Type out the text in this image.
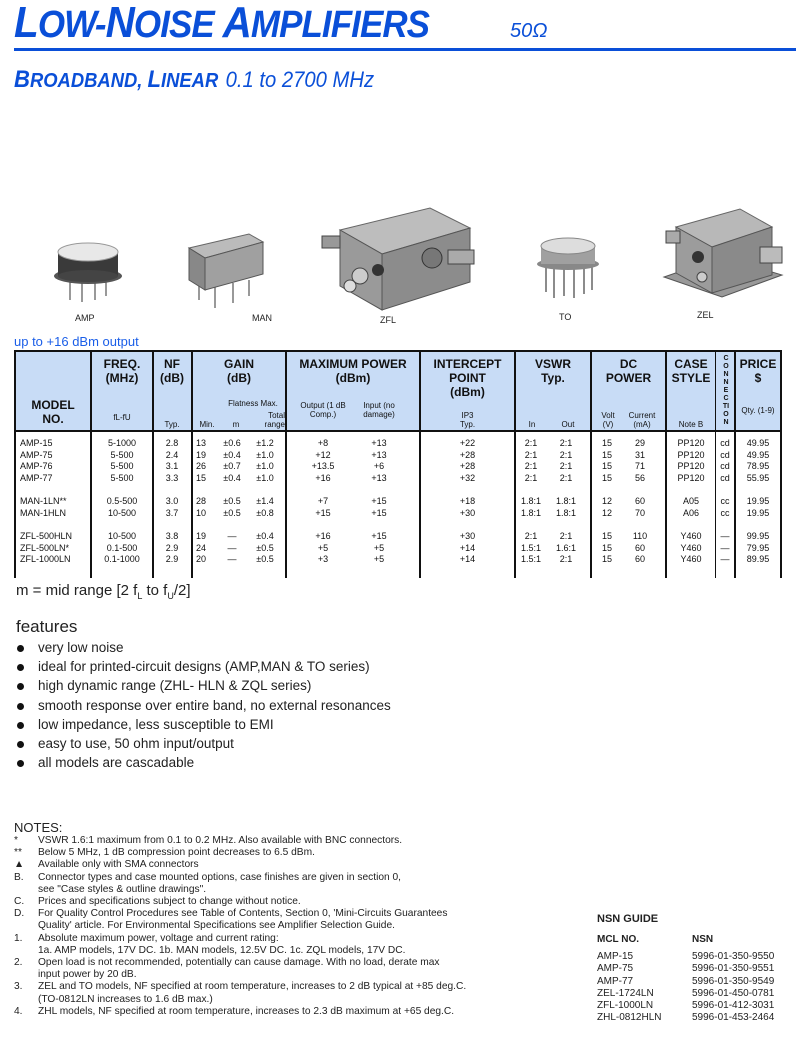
LOW-NOISE AMPLIFIERS	50Ω
BROADBAND, LINEAR 0.1 to 2700 MHz
AMP	MAN	ZFL	TO	ZEL
up to +16 dBm output
MODEL
NO.
FREQ.
(MHz)
fL-fU
NF
(dB)
Typ.
GAIN
(dB)
Flatness Max.
Min.	m
Total range
MAXIMUM POWER
(dBm)
Output (1 dB Comp.)
Input (no damage)
INTERCEPT
POINT
(dBm)
IP3
Typ.
VSWR
Typ.
In	Out
DC
POWER
Volt (V)
Current (mA)
CASE
STYLE
Note B
CONNECTION
PRICE
$
Qty. (1-9)
AMP-15	5-1000	2.8	13	±0.6	±1.2	+8	+13	+22	2:1	2:1	15	29	PP120	cd	49.95
AMP-75	5-500	2.4	19	±0.4	±1.0	+12	+13	+28	2:1	2:1	15	31	PP120	cd	49.95
AMP-76	5-500	3.1	26	±0.7	±1.0	+13.5	+6	+28	2:1	2:1	15	71	PP120	cd	78.95
AMP-77	5-500	3.3	15	±0.4	±1.0	+16	+13	+32	2:1	2:1	15	56	PP120	cd	55.95
MAN-1LN**	0.5-500	3.0	28	±0.5	±1.4	+7	+15	+18	1.8:1	1.8:1	12	60	A05	cc	19.95
MAN-1HLN	10-500	3.7	10	±0.5	±0.8	+15	+15	+30	1.8:1	1.8:1	12	70	A06	cc	19.95
ZFL-500HLN	10-500	3.8	19	—	±0.4	+16	+15	+30	2:1	2:1	15	110	Y460	—	99.95
ZFL-500LN*	0.1-500	2.9	24	—	±0.5	+5	+5	+14	1.5:1	1.6:1	15	60	Y460	—	79.95
ZFL-1000LN	0.1-1000	2.9	20	—	±0.5	+3	+5	+14	1.5:1	2:1	15	60	Y460	—	89.95
m = mid range [2 $f_L$ to $f_U/2$]
features
very low noise
ideal for printed-circuit designs (AMP,MAN & TO series)
high dynamic range (ZHL- HLN & ZQL series)
smooth response over entire band, no external resonances
low impedance, less susceptible to EMI
easy to use, 50 ohm input/output
all models are cascadable
NOTES:
* VSWR 1.6:1 maximum from 0.1 to 0.2 MHz. Also available with BNC connectors.
** Below 5 MHz, 1 dB compression point decreases to 6.5 dBm.
▲ Available only with SMA connectors
B. Connector types and case mounted options, case finishes are given in section 0,
see "Case styles & outline drawings".
C. Prices and specifications subject to change without notice.
D. For Quality Control Procedures see Table of Contents, Section 0, 'Mini-Circuits Guarantees
Quality' article. For Environmental Specifications see Amplifier Selection Guide.
1. Absolute maximum power, voltage and current rating:
1a. AMP models, 17V DC. 1b. MAN models, 12.5V DC. 1c. ZQL models, 17V DC.
2. Open load is not recommended, potentially can cause damage. With no load, derate max
input power by 20 dB.
3. ZEL and TO models, NF specified at room temperature, increases to 2 dB typical at +85 deg.C.
(TO-0812LN increases to 1.6 dB max.)
4. ZHL models, NF specified at room temperature, increases to 2.3 dB maximum at +65 deg.C.
NSN GUIDE
MCL NO.	NSN
AMP-15	5996-01-350-9550
AMP-75	5996-01-350-9551
AMP-77	5996-01-350-9549
ZEL-1724LN	5996-01-450-0781
ZFL-1000LN	5996-01-412-3031
ZHL-0812HLN	5996-01-453-2464
